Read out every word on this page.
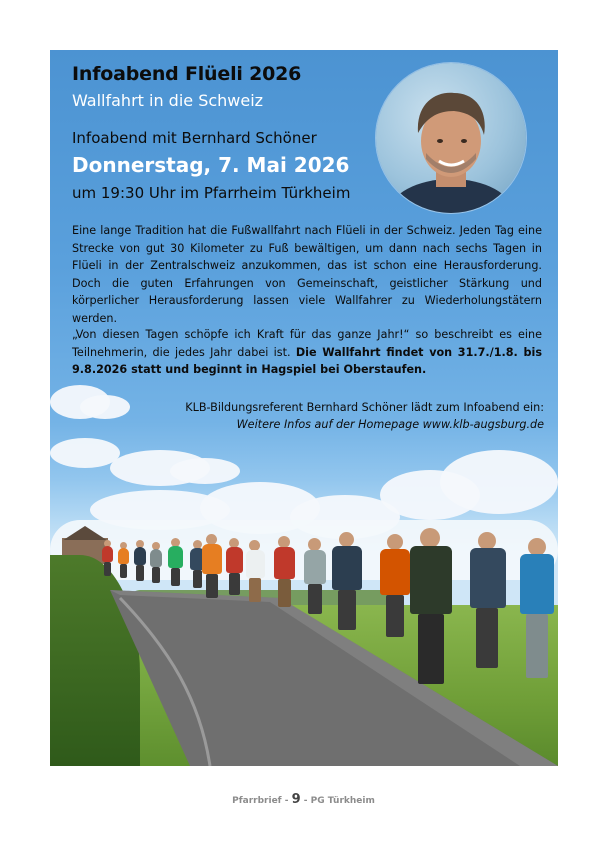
Infoabend Flüeli 2026
Wallfahrt in die Schweiz
Infoabend mit Bernhard Schöner
Donnerstag, 7. Mai 2026
um 19:30 Uhr im Pfarrheim Türkheim

Eine lange Tradition hat die Fußwallfahrt nach Flüeli in der Schweiz. Jeden Tag eine Strecke von gut 30 Kilometer zu Fuß bewältigen, um dann nach sechs Tagen in Flüeli in der Zentralschweiz anzukommen, das ist schon eine Herausforderung. Doch die guten Erfahrungen von Gemeinschaft, geistlicher Stärkung und körperlicher Herausforderung lassen viele Wallfahrer zu Wiederholungstätern werden.

„Von diesen Tagen schöpfe ich Kraft für das ganze Jahr!“ so beschreibt es eine Teilnehmerin, die jedes Jahr dabei ist. Die Wallfahrt findet von 31.7./1.8. bis 9.8.2026 statt und beginnt in Hagspiel bei Oberstaufen.

KLB-Bildungsreferent Bernhard Schöner lädt zum Infoabend ein:
Weitere Infos auf der Homepage www.klb-augsburg.de
Pfarrbrief - 9 - PG Türkheim
